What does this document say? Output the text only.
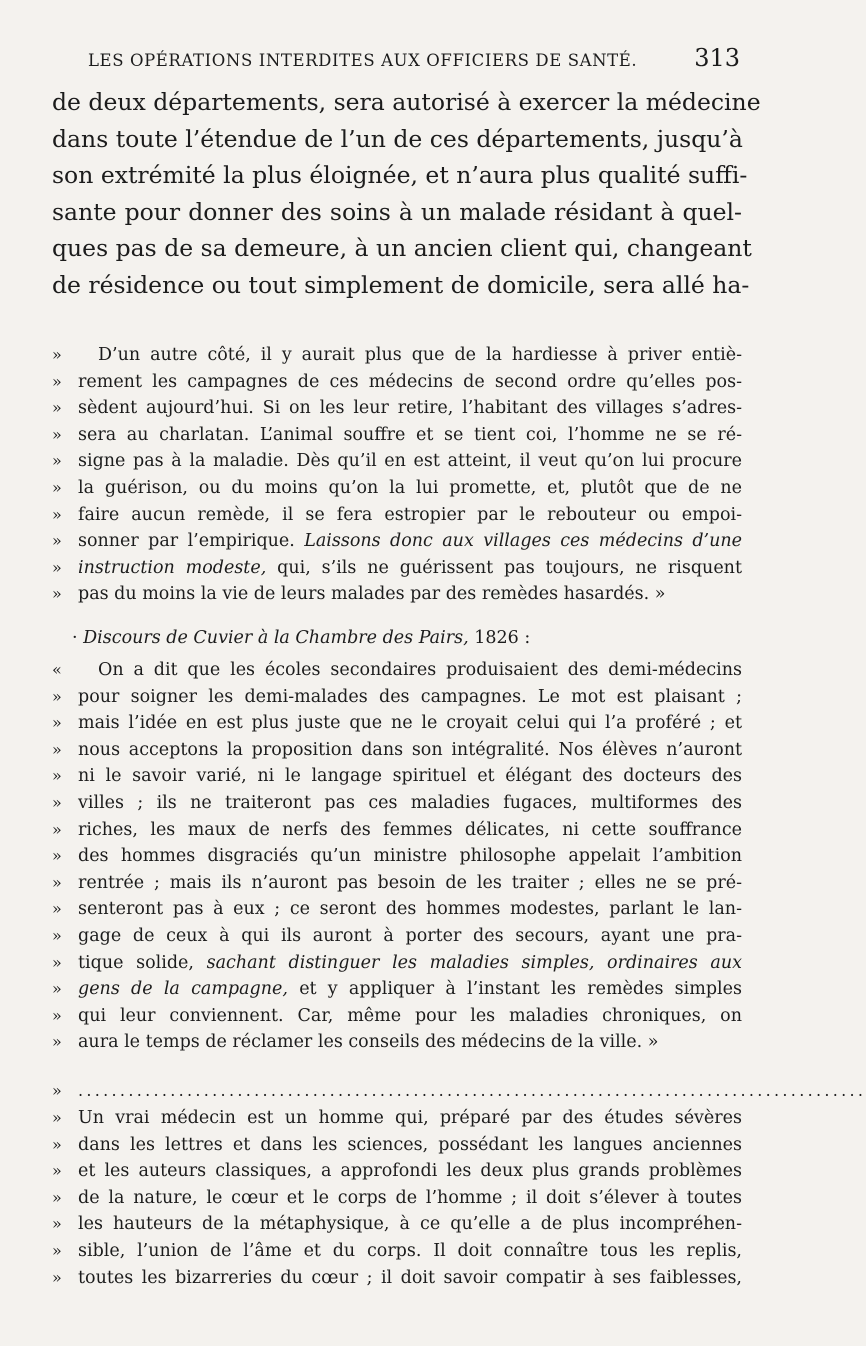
LES OPÉRATIONS INTERDITES AUX OFFICIERS DE SANTÉ. 313
de deux départements, sera autorisé à exercer la médecine
dans toute l’étendue de l’un de ces départements, jusqu’à
son extrémité la plus éloignée, et n’aura plus qualité suffi-
sante pour donner des soins à un malade résidant à quel-
ques pas de sa demeure, à un ancien client qui, changeant
de résidence ou tout simplement de domicile, sera allé ha-
»	D’un autre côté, il y aurait plus que de la hardiesse à priver entiè-
» rement les campagnes de ces médecins de second ordre qu’elles pos-
» sèdent aujourd’hui. Si on les leur retire, l’habitant des villages s’adres-
» sera au charlatan. L’animal souffre et se tient coi, l’homme ne se ré-
» signe pas à la maladie. Dès qu’il en est atteint, il veut qu’on lui procure
» la guérison, ou du moins qu’on la lui promette, et, plutôt que de ne
» faire aucun remède, il se fera estropier par le rebouteur ou empoi-
» sonner par l’empirique. Laissons donc aux villages ces médecins d’une
» instruction modeste, qui, s’ils ne guérissent pas toujours, ne risquent
» pas du moins la vie de leurs malades par des remèdes hasardés. »
· Discours de Cuvier à la Chambre des Pairs, 1826 :
«	On a dit que les écoles secondaires produisaient des demi-médecins
» pour soigner les demi-malades des campagnes. Le mot est plaisant ;
» mais l’idée en est plus juste que ne le croyait celui qui l’a proféré ; et
» nous acceptons la proposition dans son intégralité. Nos élèves n’auront
» ni le savoir varié, ni le langage spirituel et élégant des docteurs des
» villes ; ils ne traiteront pas ces maladies fugaces, multiformes des
» riches, les maux de nerfs des femmes délicates, ni cette souffrance
» des hommes disgraciés qu’un ministre philosophe appelait l’ambition
» rentrée ; mais ils n’auront pas besoin de les traiter ; elles ne se pré-
» senteront pas à eux ; ce seront des hommes modestes, parlant le lan-
» gage de ceux à qui ils auront à porter des secours, ayant une pra-
» tique solide, sachant distinguer les maladies simples, ordinaires aux
» gens de la campagne, et y appliquer à l’instant les remèdes simples
» qui leur conviennent. Car, même pour les maladies chroniques, on
» aura le temps de réclamer les conseils des médecins de la ville. »
»	..............................................................................................
» Un vrai médecin est un homme qui, préparé par des études sévères
» dans les lettres et dans les sciences, possédant les langues anciennes
» et les auteurs classiques, a approfondi les deux plus grands problèmes
» de la nature, le cœur et le corps de l’homme ; il doit s’élever à toutes
» les hauteurs de la métaphysique, à ce qu’elle a de plus incompréhen-
» sible, l’union de l’âme et du corps. Il doit connaître tous les replis,
» toutes les bizarreries du cœur ; il doit savoir compatir à ses faiblesses,
